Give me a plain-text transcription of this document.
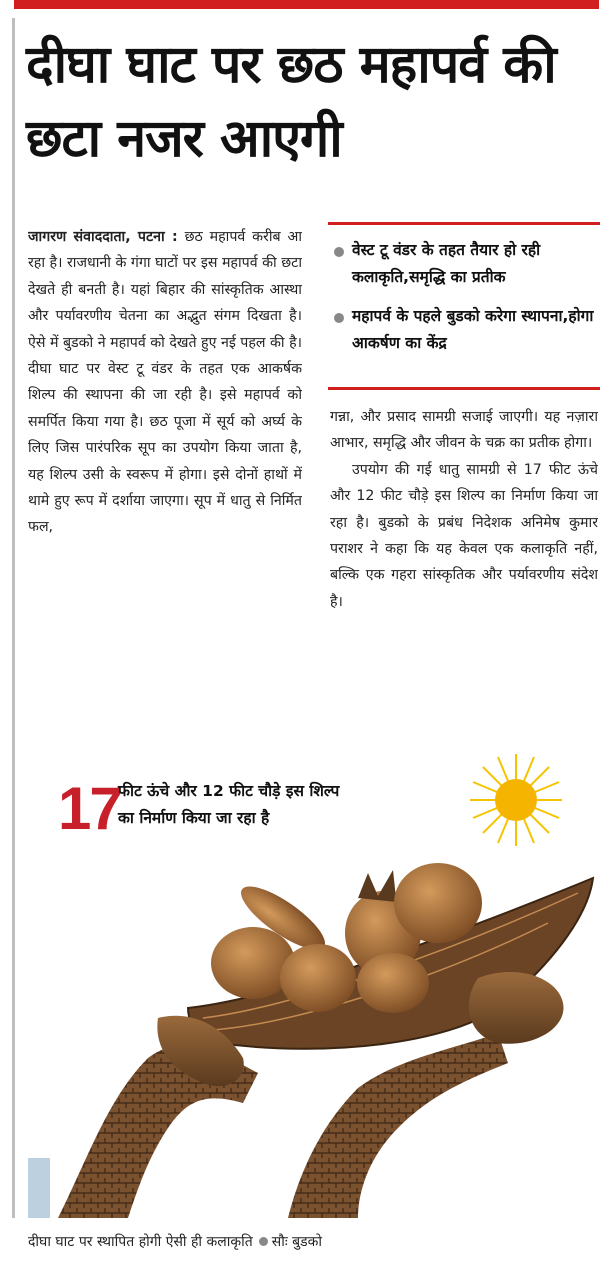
दीघा घाट पर छठ महापर्व की छटा नजर आएगी
जागरण संवाददाता, पटना : छठ महापर्व करीब आ रहा है। राजधानी के गंगा घाटों पर इस महापर्व की छटा देखते ही बनती है। यहां बिहार की सांस्कृतिक आस्था और पर्यावरणीय चेतना का अद्भुत संगम दिखता है। ऐसे में बुडको ने महापर्व को देखते हुए नई पहल की है। दीघा घाट पर वेस्ट टू वंडर के तहत एक आकर्षक शिल्प की स्थापना की जा रही है। इसे महापर्व को समर्पित किया गया है। छठ पूजा में सूर्य को अर्घ्य के लिए जिस पारंपरिक सूप का उपयोग किया जाता है, यह शिल्प उसी के स्वरूप में होगा। इसे दोनों हाथों में थामे हुए रूप में दर्शाया जाएगा। सूप में धातु से निर्मित फल,
वेस्ट टू वंडर के तहत तैयार हो रही कलाकृति,समृद्धि का प्रतीक
महापर्व के पहले बुडको करेगा स्थापना,होगा आकर्षण का केंद्र
गन्ना, और प्रसाद सामग्री सजाई जाएगी। यह नज़ारा आभार, समृद्धि और जीवन के चक्र का प्रतीक होगा।
उपयोग की गई धातु सामग्री से 17 फीट ऊंचे और 12 फीट चौड़े इस शिल्प का निर्माण किया जा रहा है। बुडको के प्रबंध निदेशक अनिमेष कुमार पराशर ने कहा कि यह केवल एक कलाकृति नहीं, बल्कि एक गहरा सांस्कृतिक और पर्यावरणीय संदेश है।
17
फीट ऊंचे और 12 फीट चौड़े इस शिल्प का निर्माण किया जा रहा है
दीघा घाट पर स्थापित होगी ऐसी ही कलाकृति सौः बुडको
